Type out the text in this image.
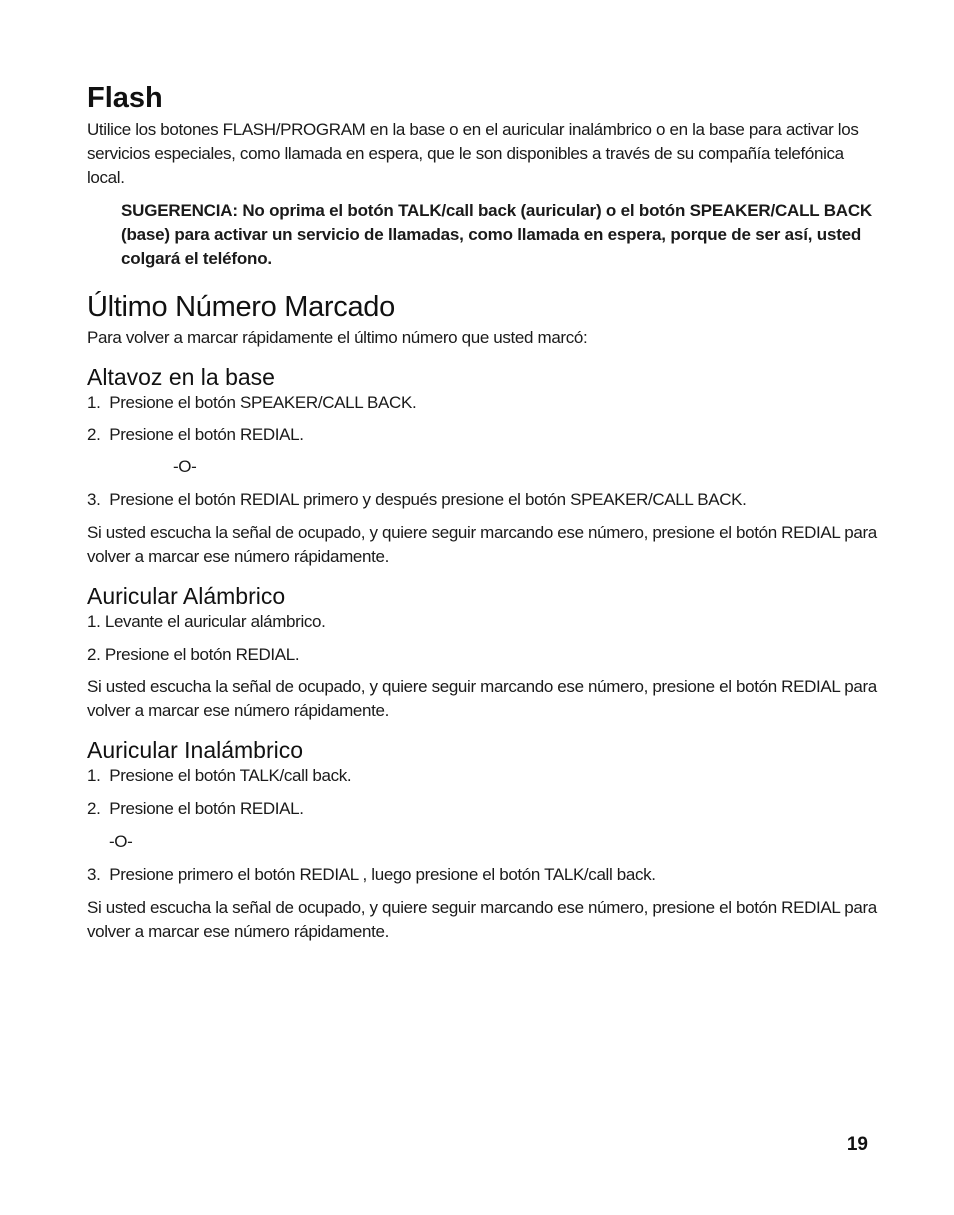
Flash

Utilice los botones FLASH/PROGRAM en la base o en el auricular inalámbrico o en la base para activar los servicios especiales, como llamada en espera, que le son disponibles a través de su compañía telefónica local.

SUGERENCIA: No oprima el botón TALK/call back (auricular) o el botón SPEAKER/CALL BACK (base) para activar un servicio de llamadas, como llamada en espera, porque de ser así, usted colgará el teléfono.

Último Número Marcado

Para volver a marcar rápidamente el último número que usted marcó:

Altavoz en la base

1.  Presione el botón SPEAKER/CALL BACK.

2.  Presione el botón REDIAL.

-O-

3.  Presione el botón REDIAL primero y después presione el botón SPEAKER/CALL BACK.

Si usted escucha la señal de ocupado, y quiere seguir marcando ese número, presione el botón REDIAL para volver a marcar ese número rápidamente.

Auricular Alámbrico

1. Levante el auricular alámbrico.

2. Presione el botón REDIAL.

Si usted escucha la señal de ocupado, y quiere seguir marcando ese número, presione el botón REDIAL para volver a marcar ese número rápidamente.

Auricular Inalámbrico

1.  Presione el botón TALK/call back.

2.  Presione el botón REDIAL.

-O-

3.  Presione primero el botón REDIAL , luego presione el botón TALK/call back.

Si usted escucha la señal de ocupado, y quiere seguir marcando ese número, presione el botón REDIAL para volver a marcar ese número rápidamente.

19
